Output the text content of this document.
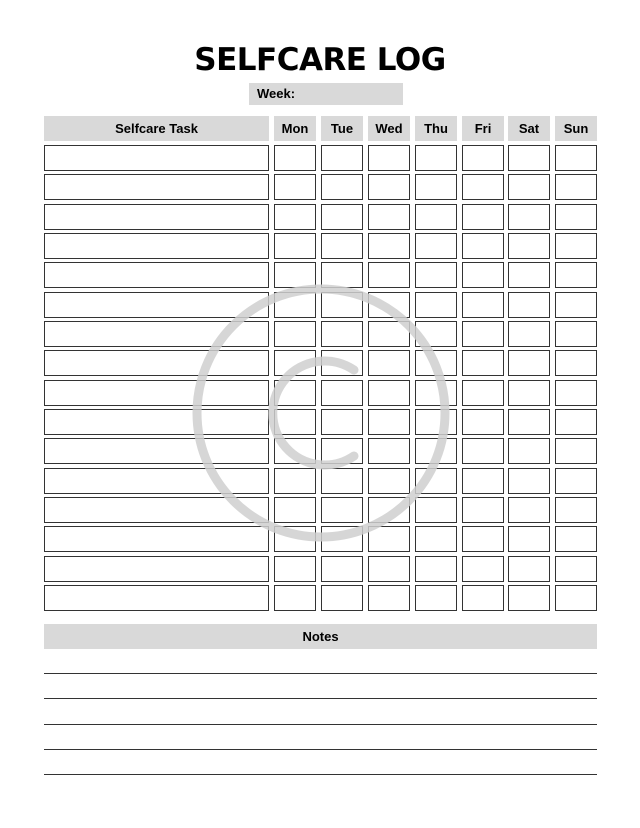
SELFCARE LOG
Week:
Selfcare Task	Mon	Tue	Wed	Thu	Fri	Sat	Sun
Notes
